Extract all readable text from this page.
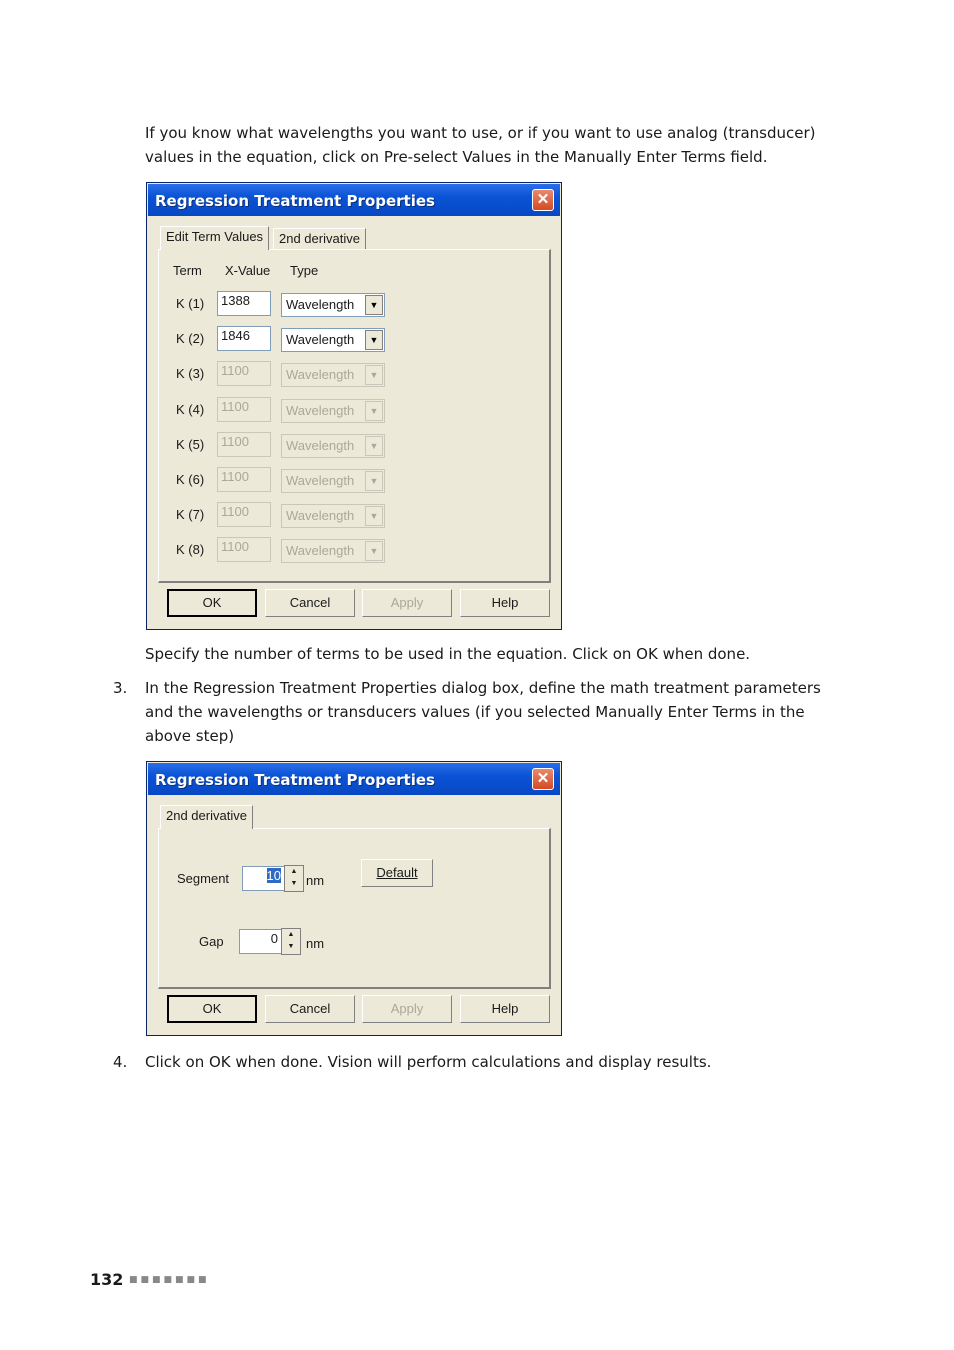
If you know what wavelengths you want to use, or if you want to use analog (transducer) values in the equation, click on Pre-select Values in the Manually Enter Terms field.
Regression Treatment Properties	✕
Edit Term Values	2nd derivative
Term X-Value Type
K (1)	1388	Wavelength	▼
K (2)	1846	Wavelength	▼
K (3)	1100	Wavelength	▼
K (4)	1100	Wavelength	▼
K (5)	1100	Wavelength	▼
K (6)	1100	Wavelength	▼
K (7)	1100	Wavelength	▼
K (8)	1100	Wavelength	▼
OK	Cancel	Apply	Help
Specify the number of terms to be used in the equation. Click on OK when done.
3. In the Regression Treatment Properties dialog box, define the math treatment parameters and the wavelengths or transducers values (if you selected Manually Enter Terms in the above step)
Regression Treatment Properties	✕
2nd derivative
Segment	10	▲
▼ nm
Default
Gap	0	▲
▼ nm
OK	Cancel	Apply	Help
4. Click on OK when done. Vision will perform calculations and display results.
132 ■■■■■■■
